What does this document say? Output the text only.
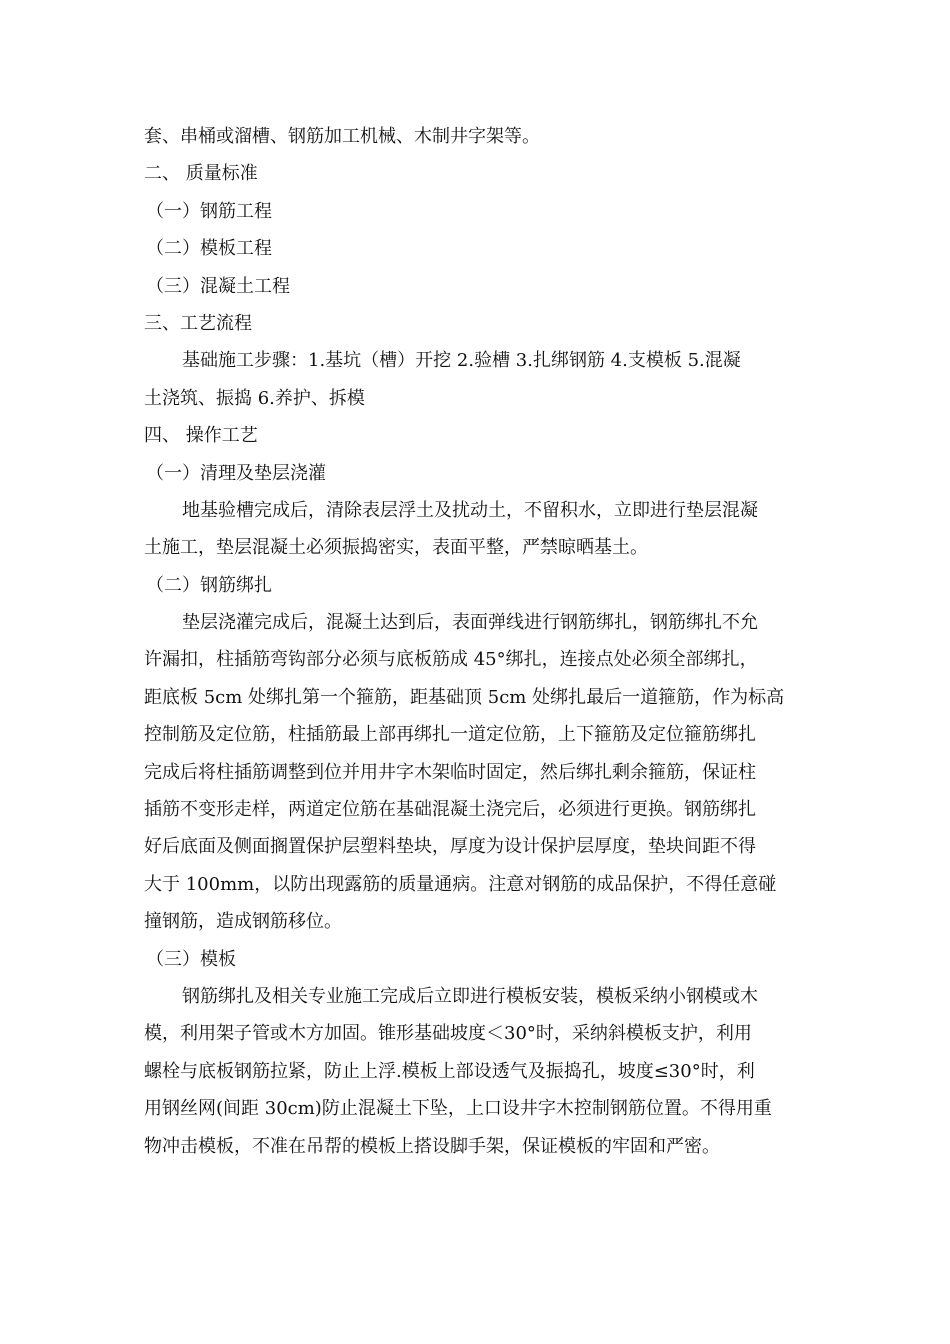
套、串桶或溜槽、钢筋加工机械、木制井字架等。
二、 质量标准
（一）钢筋工程
（二）模板工程
（三）混凝土工程
三、工艺流程
基础施工步骤：1.基坑（槽）开挖 2.验槽 3.扎绑钢筋 4.支模板 5.混凝
土浇筑、振捣 6.养护、拆模
四、 操作工艺
（一）清理及垫层浇灌
地基验槽完成后，清除表层浮土及扰动土，不留积水，立即进行垫层混凝
土施工，垫层混凝土必须振捣密实，表面平整，严禁晾晒基土。
（二）钢筋绑扎
垫层浇灌完成后，混凝土达到后，表面弹线进行钢筋绑扎，钢筋绑扎不允
许漏扣，柱插筋弯钩部分必须与底板筋成 45°绑扎，连接点处必须全部绑扎，
距底板 5cm 处绑扎第一个箍筋，距基础顶 5cm 处绑扎最后一道箍筋，作为标高
控制筋及定位筋，柱插筋最上部再绑扎一道定位筋，上下箍筋及定位箍筋绑扎
完成后将柱插筋调整到位并用井字木架临时固定，然后绑扎剩余箍筋，保证柱
插筋不变形走样，两道定位筋在基础混凝土浇完后，必须进行更换。钢筋绑扎
好后底面及侧面搁置保护层塑料垫块，厚度为设计保护层厚度，垫块间距不得
大于 100mm，以防出现露筋的质量通病。注意对钢筋的成品保护，不得任意碰
撞钢筋，造成钢筋移位。
（三）模板
钢筋绑扎及相关专业施工完成后立即进行模板安装，模板采纳小钢模或木
模，利用架子管或木方加固。锥形基础坡度＜30°时，采纳斜模板支护，利用
螺栓与底板钢筋拉紧，防止上浮.模板上部设透气及振捣孔，坡度≤30°时，利
用钢丝网(间距 30cm)防止混凝土下坠，上口设井字木控制钢筋位置。不得用重
物冲击模板，不准在吊帮的模板上搭设脚手架，保证模板的牢固和严密。
